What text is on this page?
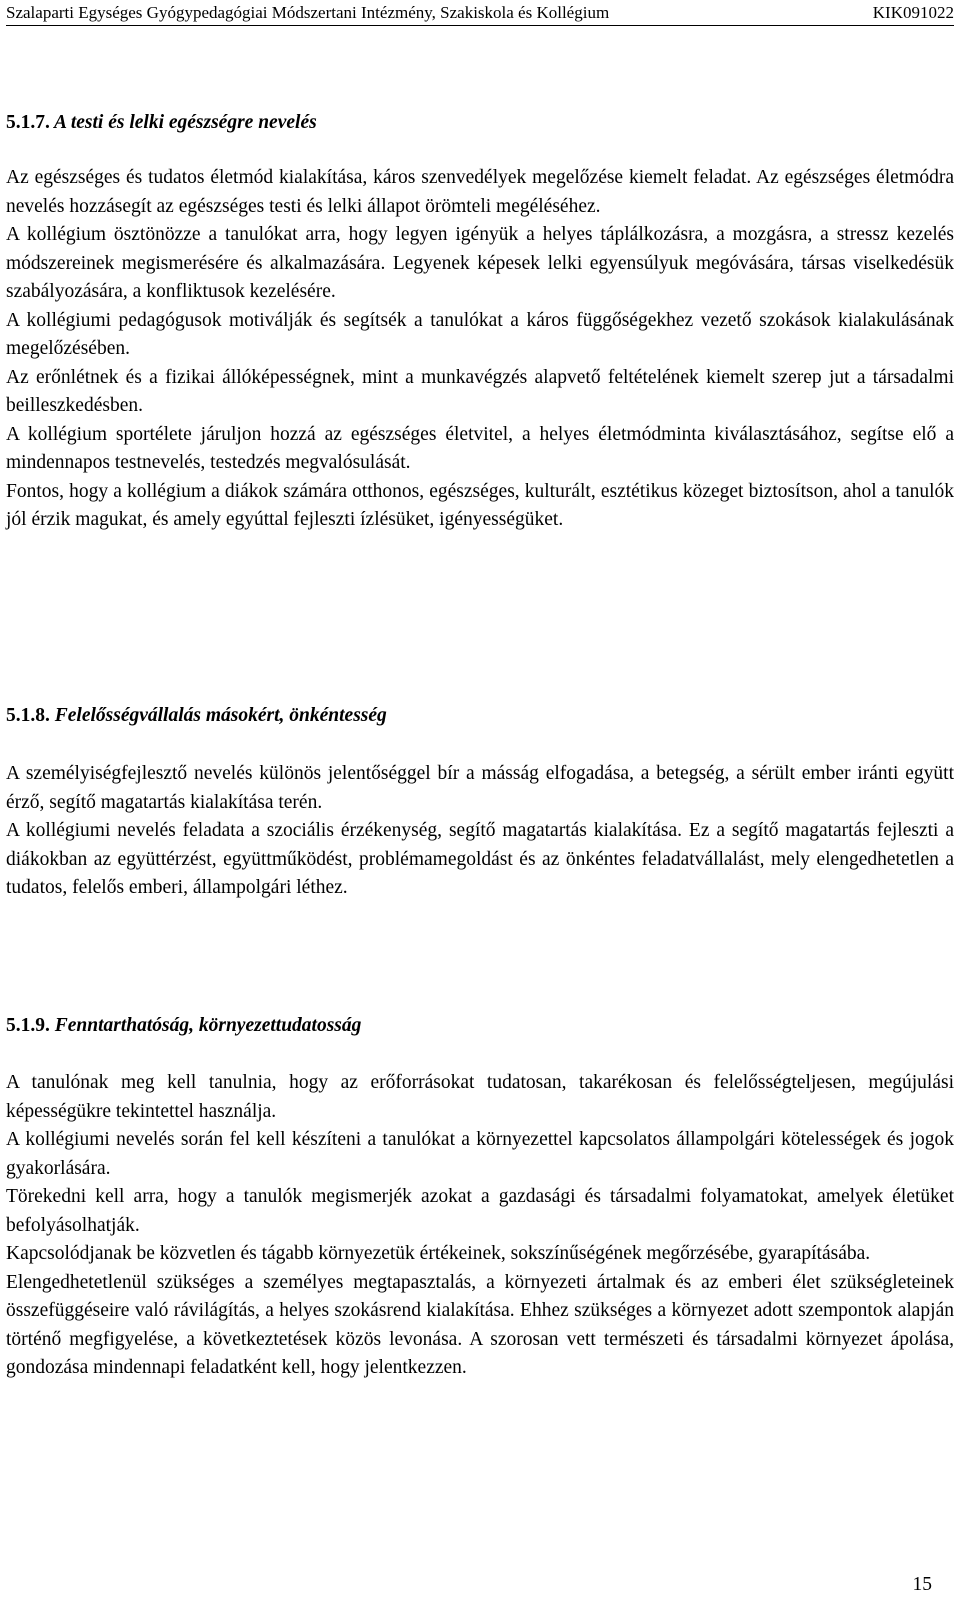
Szalaparti Egységes Gyógypedagógiai Módszertani Intézmény, Szakiskola és Kollégium	KIK091022
5.1.7. A testi és lelki egészségre nevelés

Az egészséges és tudatos életmód kialakítása, káros szenvedélyek megelőzése kiemelt feladat. Az egészséges életmódra nevelés hozzásegít az egészséges testi és lelki állapot örömteli megéléséhez.

A kollégium ösztönözze a tanulókat arra, hogy legyen igényük a helyes táplálkozásra, a mozgásra, a stressz kezelés módszereinek megismerésére és alkalmazására. Legyenek képesek lelki egyensúlyuk megóvására, társas viselkedésük szabályozására, a konfliktusok kezelésére.

A kollégiumi pedagógusok motiválják és segítsék a tanulókat a káros függőségekhez vezető szokások kialakulásának megelőzésében.

Az erőnlétnek és a fizikai állóképességnek, mint a munkavégzés alapvető feltételének kiemelt szerep jut a társadalmi beilleszkedésben.

A kollégium sportélete járuljon hozzá az egészséges életvitel, a helyes életmódminta kiválasztásához, segítse elő a mindennapos testnevelés, testedzés megvalósulását.

Fontos, hogy a kollégium a diákok számára otthonos, egészséges, kulturált, esztétikus közeget biztosítson, ahol a tanulók jól érzik magukat, és amely egyúttal fejleszti ízlésüket, igényességüket.

5.1.8. Felelősségvállalás másokért, önkéntesség

A személyiségfejlesztő nevelés különös jelentőséggel bír a másság elfogadása, a betegség, a sérült ember iránti együtt érző, segítő magatartás kialakítása terén.

A kollégiumi nevelés feladata a szociális érzékenység, segítő magatartás kialakítása. Ez a segítő magatartás fejleszti a diákokban az együttérzést, együttműködést, problémamegoldást és az önkéntes feladatvállalást, mely elengedhetetlen a tudatos, felelős emberi, állampolgári léthez.

5.1.9. Fenntarthatóság, környezettudatosság

A tanulónak meg kell tanulnia, hogy az erőforrásokat tudatosan, takarékosan és felelősségteljesen, megújulási képességükre tekintettel használja.

A kollégiumi nevelés során fel kell készíteni a tanulókat a környezettel kapcsolatos állampolgári kötelességek és jogok gyakorlására.

Törekedni kell arra, hogy a tanulók megismerjék azokat a gazdasági és társadalmi folyamatokat, amelyek életüket befolyásolhatják.

Kapcsolódjanak be közvetlen és tágabb környezetük értékeinek, sokszínűségének megőrzésébe, gyarapításába.

Elengedhetetlenül szükséges a személyes megtapasztalás, a környezeti ártalmak és az emberi élet szükségleteinek összefüggéseire való rávilágítás, a helyes szokásrend kialakítása. Ehhez szükséges a környezet adott szempontok alapján történő megfigyelése, a következtetések közös levonása. A szorosan vett természeti és társadalmi környezet ápolása, gondozása mindennapi feladatként kell, hogy jelentkezzen.

15
